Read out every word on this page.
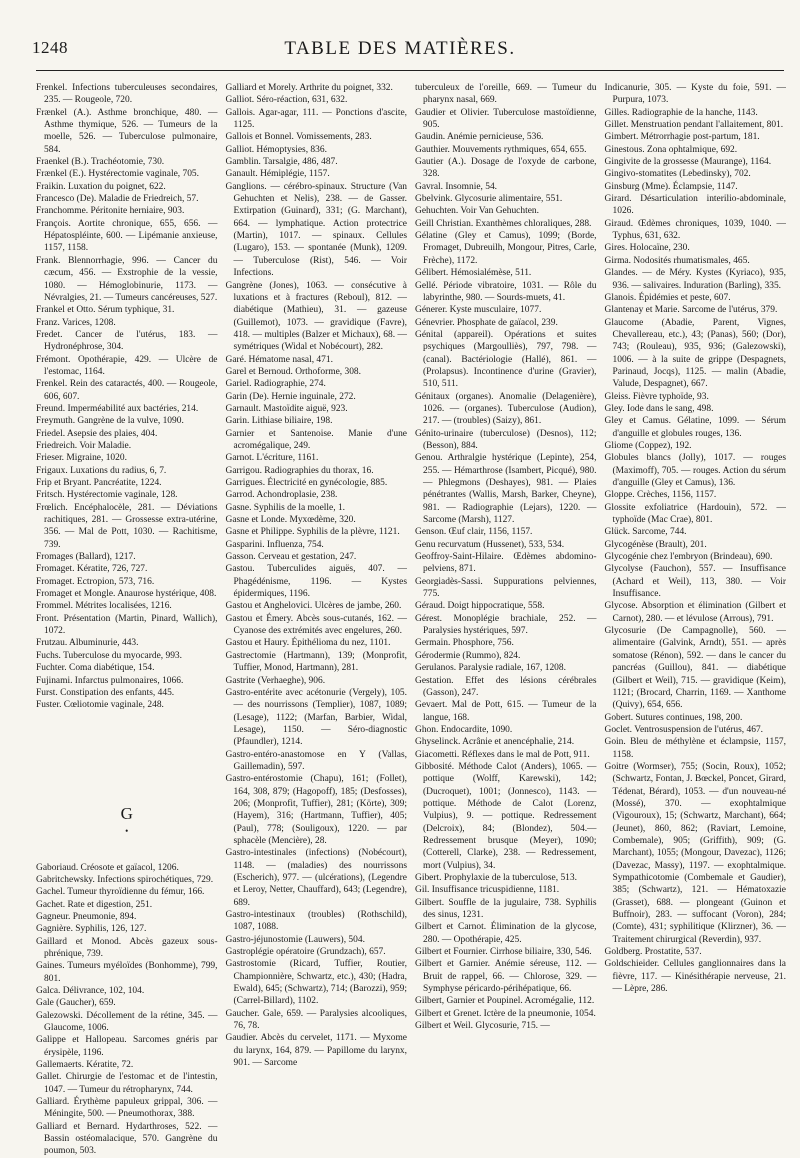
1248	TABLE DES MATIÈRES.
Frenkel. Infections tuberculeuses secondaires, 235. — Rougeole, 720.
Frænkel (A.). Asthme bronchique, 480. — Asthme thymique, 526. — Tumeurs de la moelle, 526. — Tuberculose pulmonaire, 584.
Fraenkel (B.). Trachéotomie, 730.
Frænkel (E.). Hystérectomie vaginale, 705.
Fraikin. Luxation du poignet, 622.
Francesco (De). Maladie de Friedreich, 57.
Franchomme. Péritonite herniaire, 903.
François. Aortite chronique, 655, 656. — Hépatospléinte, 600. — Lipémanie anxieuse, 1157, 1158.
Frank. Blennorrhagie, 996. — Cancer du cæcum, 456. — Exstrophie de la vessie, 1080. — Hémoglobinurie, 1173. — Névralgies, 21. — Tumeurs cancéreuses, 527.
Frankel et Otto. Sérum typhique, 31.
Franz. Varices, 1208.
Fredet. Cancer de l'utérus, 183. — Hydronéphrose, 304.
Frémont. Opothérapie, 429. — Ulcère de l'estomac, 1164.
Frenkel. Rein des cataractés, 400. — Rougeole, 606, 607.
Freund. Imperméabilité aux bactéries, 214.
Freymuth. Gangrène de la vulve, 1090.
Friedel. Asepsie des plaies, 404.
Friedreich. Voir Maladie.
Frieser. Migraine, 1020.
Frigaux. Luxations du radius, 6, 7.
Frip et Bryant. Pancréatite, 1224.
Fritsch. Hystérectomie vaginale, 128.
Frœlich. Encéphalocèle, 281. — Déviations rachitiques, 281. — Grossesse extra-utérine, 356. — Mal de Pott, 1030. — Rachitisme, 739.
Fromages (Ballard), 1217.
Fromaget. Kératite, 726, 727.
Fromaget. Ectropion, 573, 716.
Fromaget et Mongle. Anaurose hystérique, 408.
Frommel. Métrites localisées, 1216.
Front. Présentation (Martin, Pinard, Wallich), 1072.
Frutzau. Albuminurie, 443.
Fuchs. Tuberculose du myocarde, 993.
Fuchter. Coma diabétique, 154.
Fujinami. Infarctus pulmonaires, 1066.
Furst. Constipation des enfants, 445.
Fuster. Cœliotomie vaginale, 248.
G
•
Gaboriaud. Créosote et gaïacol, 1206.
Gabritchewsky. Infections spirochétiques, 729.
Gachel. Tumeur thyroïdienne du fémur, 166.
Gachet. Rate et digestion, 251.
Gagneur. Pneumonie, 894.
Gagnière. Syphilis, 126, 127.
Gaillard et Monod. Abcès gazeux sous-phrénique, 739.
Gaines. Tumeurs myéloïdes (Bonhomme), 799, 801.
Galca. Délivrance, 102, 104.
Gale (Gaucher), 659.
Galezowski. Décollement de la rétine, 345. — Glaucome, 1006.
Galippe et Hallopeau. Sarcomes gnéris par érysipèle, 1196.
Gallemaerts. Kératite, 72.
Gallet. Chirurgie de l'estomac et de l'intestin, 1047. — Tumeur du rétropharynx, 744.
Galliard. Érythème papuleux grippal, 306. — Méningite, 500. — Pneumothorax, 388.
Galliard et Bernard. Hydarthroses, 522. — Bassin ostéomalacique, 570. Gangrène du poumon, 503.
Galliard et Morely. Arthrite du poignet, 332.
Galliot. Séro-réaction, 631, 632.
Gallois. Agar-agar, 111. — Ponctions d'ascite, 1125.
Gallois et Bonnel. Vomissements, 283.
Galliot. Hémoptysies, 836.
Gamblin. Tarsalgie, 486, 487.
Ganault. Hémiplégie, 1157.
Ganglions. — cérébro-spinaux. Structure (Van Gehuchten et Nelis), 238. — de Gasser. Extirpation (Guinard), 331; (G. Marchant), 664. — lymphatique. Action protectrice (Martin), 1017. — spinaux. Cellules (Lugaro), 153. — spontanée (Munk), 1209. — Tuberculose (Rist), 546. — Voir Infections.
Gangrène (Jones), 1063. — consécutive à luxations et à fractures (Reboul), 812. — diabétique (Mathieu), 31. — gazeuse (Guillemot), 1073. — gravidique (Favre), 418. — multiples (Balzer et Michaux), 68. — symétriques (Widal et Nobécourt), 282.
Garé. Hématome nasal, 471.
Garel et Bernoud. Orthoforme, 308.
Gariel. Radiographie, 274.
Garin (De). Hernie inguinale, 272.
Garnault. Mastoïdite aiguë, 923.
Garin. Lithiase biliaire, 198.
Garnier et Santenoise. Manie d'une acromégalique, 249.
Garnot. L'écriture, 1161.
Garrigou. Radiographies du thorax, 16.
Garrigues. Électricité en gynécologie, 885.
Garrod. Achondroplasie, 238.
Gasne. Syphilis de la moelle, 1.
Gasne et Londe. Myxœdème, 320.
Gasne et Philippe. Syphilis de la plèvre, 1121.
Gasparini. Influenza, 754.
Gasson. Cerveau et gestation, 247.
Gastou. Tuberculides aiguës, 407. — Phagédénisme, 1196. — Kystes épidermiques, 1196.
Gastou et Anghelovici. Ulcères de jambe, 260.
Gastou et Émery. Abcès sous-cutanés, 162. — Cyanose des extrémités avec engelures, 260.
Gastou et Haury. Épithélioma du nez, 1101.
Gastrectomie (Hartmann), 139; (Monprofit, Tuffier, Monod, Hartmann), 281.
Gastrite (Verhaeghe), 906.
Gastro-entérite avec acétonurie (Vergely), 105. — des nourrissons (Templier), 1087, 1089; (Lesage), 1122; (Marfan, Barbier, Widal, Lesage), 1150. — Séro-diagnostic (Pfaundler), 1214.
Gastro-entéro-anastomose en Y (Vallas, Gaillemadin), 597.
Gastro-entérostomie (Chapu), 161; (Follet), 164, 308, 879; (Hagopoff), 185; (Desfosses), 206; (Monprofit, Tuffier), 281; (Körte), 309; (Hayem), 316; (Hartmann, Tuffier), 405; (Paul), 778; (Souligoux), 1220. — par sphacèle (Mencière), 28.
Gastro-intestinales (infections) (Nobécourt), 1148. — (maladies) des nourrissons (Escherich), 977. — (ulcérations), (Legendre et Leroy, Netter, Chauffard), 643; (Legendre), 689.
Gastro-intestinaux (troubles) (Rothschild), 1087, 1088.
Gastro-jéjunostomie (Lauwers), 504.
Gastroplégie opératoire (Grundzach), 657.
Gastrostomie (Ricard, Tuffier, Routier, Championnière, Schwartz, etc.), 430; (Hadra, Ewald), 645; (Schwartz), 714; (Barozzi), 959; (Carrel-Billard), 1102.
Gaucher. Gale, 659. — Paralysies alcooliques, 76, 78.
Gaudier. Abcès du cervelet, 1171. — Myxome du larynx, 164, 879. — Papillome du larynx, 901. — Sarcome
tuberculeux de l'oreille, 669. — Tumeur du pharynx nasal, 669.
Gaudier et Olivier. Tuberculose mastoïdienne, 905.
Gaudin. Anémie pernicieuse, 536.
Gauthier. Mouvements rythmiques, 654, 655.
Gautier (A.). Dosage de l'oxyde de carbone, 328.
Gavral. Insomnie, 54.
Gbelvink. Glycosurie alimentaire, 551.
Gehuchten. Voir Van Gehuchten.
Geill Christian. Exanthèmes chloraliques, 288.
Gélatine (Gley et Camus), 1099; (Borde, Fromaget, Dubreuilh, Mongour, Pitres, Carle, Frèche), 1172.
Gélibert. Hémosialémèse, 511.
Gellé. Période vibratoire, 1031. — Rôle du labyrinthe, 980. — Sourds-muets, 41.
Génerer. Kyste musculaire, 1077.
Génevrier. Phosphate de gaïacol, 239.
Génital (appareil). Opérations et suites psychiques (Margoulliès), 797, 798. — (canal). Bactériologie (Hallé), 861. — (Prolapsus). Incontinence d'urine (Gravier), 510, 511.
Génitaux (organes). Anomalie (Delagenière), 1026. — (organes). Tuberculose (Audion), 217. — (troubles) (Saizy), 861.
Génito-urinaire (tuberculose) (Desnos), 112; (Besson), 884.
Genou. Arthralgie hystérique (Lepinte), 254, 255. — Hémarthrose (Isambert, Picqué), 980. — Phlegmons (Deshayes), 981. — Plaies pénétrantes (Wallis, Marsh, Barker, Cheyne), 981. — Radiographie (Lejars), 1220. — Sarcome (Marsh), 1127.
Genson. Œuf clair, 1156, 1157.
Genu recurvatum (Hussenet), 533, 534.
Geoffroy-Saint-Hilaire. Œdèmes abdomino-pelviens, 871.
Georgiadès-Sassi. Suppurations pelviennes, 775.
Géraud. Doigt hippocratique, 558.
Gérest. Monoplégie brachiale, 252. — Paralysies hystériques, 597.
Germain. Phosphore, 756.
Gérodermie (Rummo), 824.
Gerulanos. Paralysie radiale, 167, 1208.
Gestation. Effet des lésions cérébrales (Gasson), 247.
Gevaert. Mal de Pott, 615. — Tumeur de la langue, 168.
Ghon. Endocardite, 1090.
Ghyselinck. Acrânie et anencéphalie, 214.
Giacometti. Réflexes dans le mal de Pott, 911.
Gibbosité. Méthode Calot (Anders), 1065. — pottique (Wolff, Karewski), 142; (Ducroquet), 1001; (Jonnesco), 1143. — pottique. Méthode de Calot (Lorenz, Vulpius), 9. — pottique. Redressement (Delcroix), 84; (Blondez), 504.—Redressement brusque (Meyer), 1090; (Cotterell, Clarke), 238. — Redressement, mort (Vulpius), 34.
Gibert. Prophylaxie de la tuberculose, 513.
Gil. Insuffisance tricuspidienne, 1181.
Gilbert. Souffle de la jugulaire, 738. Syphilis des sinus, 1231.
Gilbert et Carnot. Élimination de la glycose, 280. — Opothérapie, 425.
Gilbert et Fournier. Cirrhose biliaire, 330, 546.
Gilbert et Garnier. Anémie séreuse, 112. — Bruit de rappel, 66. — Chlorose, 329. — Symphyse péricardo-périhépatique, 66.
Gilbert, Garnier et Poupinel. Acromégalie, 112.
Gilbert et Grenet. Ictère de la pneumonie, 1054.
Gilbert et Weil. Glycosurie, 715. —
Indicanurie, 305. — Kyste du foie, 591. — Purpura, 1073.
Gilles. Radiographie de la hanche, 1143.
Gillet. Menstruation pendant l'allaitement, 801.
Gimbert. Métrorrhagie post-partum, 181.
Ginestous. Zona ophtalmique, 692.
Gingivite de la grossesse (Maurange), 1164.
Gingivo-stomatites (Lebedinsky), 702.
Ginsburg (Mme). Éclampsie, 1147.
Girard. Désarticulation interilio-abdominale, 1026.
Giraud. Œdèmes chroniques, 1039, 1040. — Typhus, 631, 632.
Gires. Holocaïne, 230.
Girma. Nodosités rhumatismales, 465.
Glandes. — de Méry. Kystes (Kyriaco), 935, 936. — salivaires. Induration (Barling), 335.
Glanois. Épidémies et peste, 607.
Glantenay et Marie. Sarcome de l'utérus, 379.
Glaucome (Abadie, Parent, Vignes, Chevallereau, etc.), 43; (Panas), 560; (Dor), 743; (Rouleau), 935, 936; (Galezowski), 1006. — à la suite de grippe (Despagnets, Parinaud, Jocqs), 1125. — malin (Abadie, Valude, Despagnet), 667.
Gleiss. Fièvre typhoïde, 93.
Gley. Iode dans le sang, 498.
Gley et Camus. Gélatine, 1099. — Sérum d'anguille et globules rouges, 136.
Gliome (Coppez), 192.
Globules blancs (Jolly), 1017. — rouges (Maximoff), 705. — rouges. Action du sérum d'anguille (Gley et Camus), 136.
Gloppe. Crèches, 1156, 1157.
Glossite exfoliatrice (Hardouin), 572. — typhoïde (Mac Crae), 801.
Glück. Sarcome, 744.
Glycogénèse (Brault), 201.
Glycogénie chez l'embryon (Brindeau), 690.
Glycolyse (Fauchon), 557. — Insuffisance (Achard et Weil), 113, 380. — Voir Insuffisance.
Glycose. Absorption et élimination (Gilbert et Carnot), 280. — et lévulose (Arrous), 791.
Glycosurie (De Campagnolle), 560. — alimentaire (Galvink, Arndt), 551. — après somatose (Rénon), 592. — dans le cancer du pancréas (Guillou), 841. — diabétique (Gilbert et Weil), 715. — gravidique (Keim), 1121; (Brocard, Charrin, 1169. — Xanthome (Quivy), 654, 656.
Gobert. Sutures continues, 198, 200.
Goclet. Ventrosuspension de l'utérus, 467.
Goin. Bleu de méthylène et éclampsie, 1157, 1158.
Goitre (Wormser), 755; (Socin, Roux), 1052; (Schwartz, Fontan, J. Bœckel, Poncet, Girard, Tédenat, Bérard), 1053. — d'un nouveau-né (Mossé), 370. — exophtalmique (Vigouroux), 15; (Schwartz, Marchant), 664; (Jeunet), 860, 862; (Raviart, Lemoine, Combemale), 905; (Griffith), 909; (G. Marchant), 1055; (Mongour, Davezac), 1126; (Davezac, Massy), 1197. — exophtalmique. Sympathicotomie (Combemale et Gaudier), 385; (Schwartz), 121. — Hématoxazie (Grasset), 688. — plongeant (Guinon et Buffnoir), 283. — suffocant (Voron), 284; (Comte), 431; syphilitique (Klirzner), 36. — Traitement chirurgical (Reverdin), 937.
Goldberg. Prostatite, 537.
Goldschieider. Cellules ganglionnaires dans la fièvre, 117. — Kinésithérapie nerveuse, 21. — Lèpre, 286.
